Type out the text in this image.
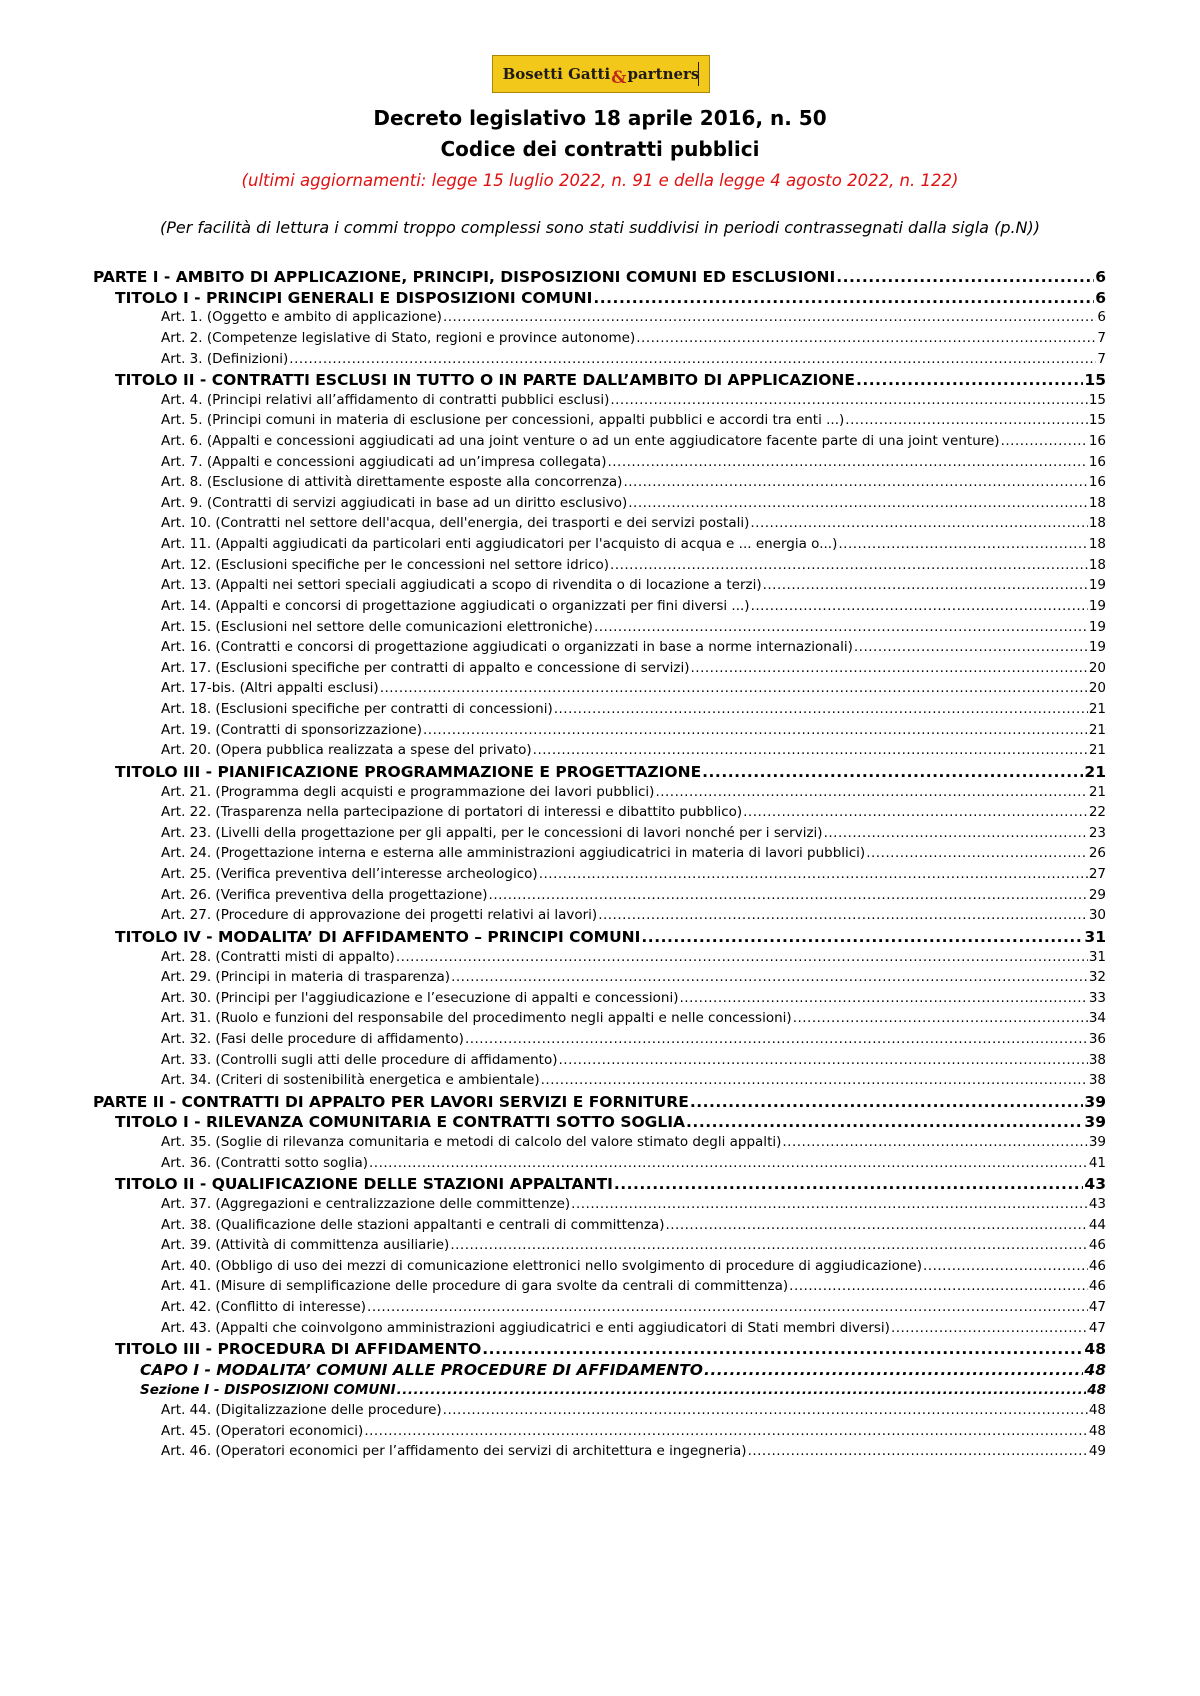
Bosetti Gatti & partners
Decreto legislativo 18 aprile 2016, n. 50
Codice dei contratti pubblici
(ultimi aggiornamenti: legge 15 luglio 2022, n. 91 e della legge 4 agosto 2022, n. 122)
(Per facilità di lettura i commi troppo complessi sono stati suddivisi in periodi contrassegnati dalla sigla (p.N))
PARTE I - AMBITO DI APPLICAZIONE, PRINCIPI, DISPOSIZIONI COMUNI ED ESCLUSIONI .....	6
TITOLO I - PRINCIPI GENERALI E DISPOSIZIONI COMUNI .....	6
Art. 1. (Oggetto e ambito di applicazione) .....	6
Art. 2. (Competenze legislative di Stato, regioni e province autonome) .....	7
Art. 3. (Definizioni) .....	7
TITOLO II - CONTRATTI ESCLUSI IN TUTTO O IN PARTE DALL’AMBITO DI APPLICAZIONE .....	15
Art. 4. (Principi relativi all’affidamento di contratti pubblici esclusi) .....	15
Art. 5. (Principi comuni in materia di esclusione per concessioni, appalti pubblici e accordi tra enti ...) .....	15
Art. 6. (Appalti e concessioni aggiudicati ad una joint venture o ad un ente aggiudicatore facente parte di una joint venture) .....	16
Art. 7. (Appalti e concessioni aggiudicati ad un’impresa collegata) .....	16
Art. 8. (Esclusione di attività direttamente esposte alla concorrenza) .....	16
Art. 9. (Contratti di servizi aggiudicati in base ad un diritto esclusivo) .....	18
Art. 10. (Contratti nel settore dell'acqua, dell'energia, dei trasporti e dei servizi postali) .....	18
Art. 11. (Appalti aggiudicati da particolari enti aggiudicatori per l'acquisto di acqua e ... energia o...) .....	18
Art. 12. (Esclusioni specifiche per le concessioni nel settore idrico) .....	18
Art. 13. (Appalti nei settori speciali aggiudicati a scopo di rivendita o di locazione a terzi) .....	19
Art. 14. (Appalti e concorsi di progettazione aggiudicati o organizzati per fini diversi ...) .....	19
Art. 15. (Esclusioni nel settore delle comunicazioni elettroniche) .....	19
Art. 16. (Contratti e concorsi di progettazione aggiudicati o organizzati in base a norme internazionali) .....	19
Art. 17. (Esclusioni specifiche per contratti di appalto e concessione di servizi) .....	20
Art. 17-bis. (Altri appalti esclusi) .....	20
Art. 18. (Esclusioni specifiche per contratti di concessioni) .....	21
Art. 19. (Contratti di sponsorizzazione) .....	21
Art. 20. (Opera pubblica realizzata a spese del privato) .....	21
TITOLO III - PIANIFICAZIONE PROGRAMMAZIONE E PROGETTAZIONE .....	21
Art. 21. (Programma degli acquisti e programmazione dei lavori pubblici) .....	21
Art. 22. (Trasparenza nella partecipazione di portatori di interessi e dibattito pubblico) .....	22
Art. 23. (Livelli della progettazione per gli appalti, per le concessioni di lavori nonché per i servizi) .....	23
Art. 24. (Progettazione interna e esterna alle amministrazioni aggiudicatrici in materia di lavori pubblici) .....	26
Art. 25. (Verifica preventiva dell’interesse archeologico) .....	27
Art. 26. (Verifica preventiva della progettazione) .....	29
Art. 27. (Procedure di approvazione dei progetti relativi ai lavori) .....	30
TITOLO IV - MODALITA’ DI AFFIDAMENTO – PRINCIPI COMUNI .....	31
Art. 28. (Contratti misti di appalto) .....	31
Art. 29. (Principi in materia di trasparenza) .....	32
Art. 30. (Principi per l'aggiudicazione e l’esecuzione di appalti e concessioni) .....	33
Art. 31. (Ruolo e funzioni del responsabile del procedimento negli appalti e nelle concessioni) .....	34
Art. 32. (Fasi delle procedure di affidamento) .....	36
Art. 33. (Controlli sugli atti delle procedure di affidamento) .....	38
Art. 34. (Criteri di sostenibilità energetica e ambientale) .....	38
PARTE II - CONTRATTI DI APPALTO PER LAVORI SERVIZI E FORNITURE .....	39
TITOLO I - RILEVANZA COMUNITARIA E CONTRATTI SOTTO SOGLIA .....	39
Art. 35. (Soglie di rilevanza comunitaria e metodi di calcolo del valore stimato degli appalti) .....	39
Art. 36. (Contratti sotto soglia) .....	41
TITOLO II - QUALIFICAZIONE DELLE STAZIONI APPALTANTI .....	43
Art. 37. (Aggregazioni e centralizzazione delle committenze) .....	43
Art. 38. (Qualificazione delle stazioni appaltanti e centrali di committenza) .....	44
Art. 39. (Attività di committenza ausiliarie) .....	46
Art. 40. (Obbligo di uso dei mezzi di comunicazione elettronici nello svolgimento di procedure di aggiudicazione) .....	46
Art. 41. (Misure di semplificazione delle procedure di gara svolte da centrali di committenza) .....	46
Art. 42. (Conflitto di interesse) .....	47
Art. 43. (Appalti che coinvolgono amministrazioni aggiudicatrici e enti aggiudicatori di Stati membri diversi) .....	47
TITOLO III - PROCEDURA DI AFFIDAMENTO .....	48
CAPO I - MODALITA’ COMUNI ALLE PROCEDURE DI AFFIDAMENTO .....	48
Sezione I - DISPOSIZIONI COMUNI .....	48
Art. 44. (Digitalizzazione delle procedure) .....	48
Art. 45. (Operatori economici) .....	48
Art. 46. (Operatori economici per l’affidamento dei servizi di architettura e ingegneria) .....	49
